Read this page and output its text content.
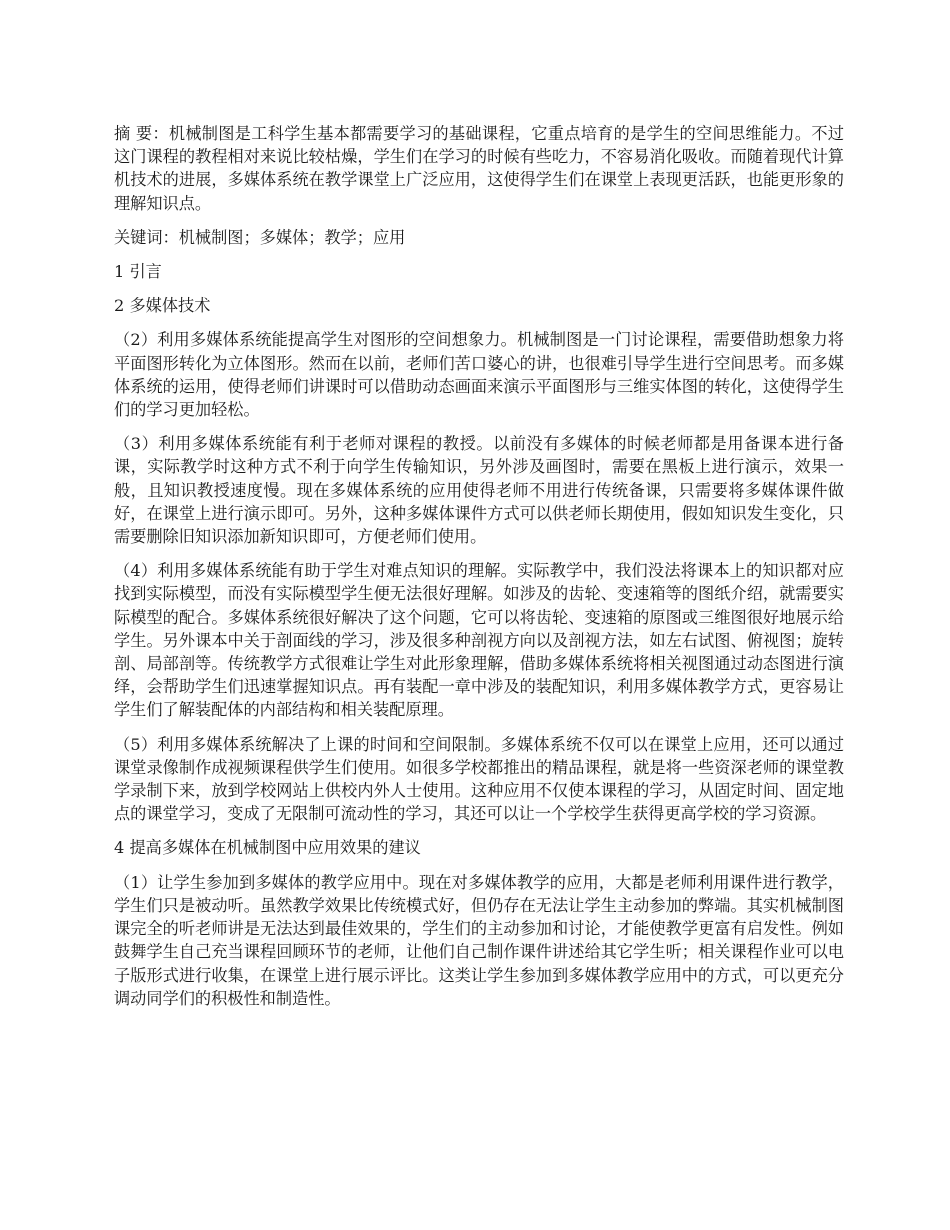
摘 要：机械制图是工科学生基本都需要学习的基础课程，它重点培育的是学生的空间思维能力。不过这门课程的教程相对来说比较枯燥，学生们在学习的时候有些吃力，不容易消化吸收。而随着现代计算机技术的进展，多媒体系统在教学课堂上广泛应用，这使得学生们在课堂上表现更活跃，也能更形象的理解知识点。

关键词：机械制图；多媒体；教学；应用

1 引言

2 多媒体技术

（2）利用多媒体系统能提高学生对图形的空间想象力。机械制图是一门讨论课程，需要借助想象力将平面图形转化为立体图形。然而在以前，老师们苦口婆心的讲，也很难引导学生进行空间思考。而多媒体系统的运用，使得老师们讲课时可以借助动态画面来演示平面图形与三维实体图的转化，这使得学生们的学习更加轻松。

（3）利用多媒体系统能有利于老师对课程的教授。以前没有多媒体的时候老师都是用备课本进行备课，实际教学时这种方式不利于向学生传输知识，另外涉及画图时，需要在黑板上进行演示，效果一般，且知识教授速度慢。现在多媒体系统的应用使得老师不用进行传统备课，只需要将多媒体课件做好，在课堂上进行演示即可。另外，这种多媒体课件方式可以供老师长期使用，假如知识发生变化，只需要删除旧知识添加新知识即可，方便老师们使用。

（4）利用多媒体系统能有助于学生对难点知识的理解。实际教学中，我们没法将课本上的知识都对应找到实际模型，而没有实际模型学生便无法很好理解。如涉及的齿轮、变速箱等的图纸介绍，就需要实际模型的配合。多媒体系统很好解决了这个问题，它可以将齿轮、变速箱的原图或三维图很好地展示给学生。另外课本中关于剖面线的学习，涉及很多种剖视方向以及剖视方法，如左右试图、俯视图；旋转剖、局部剖等。传统教学方式很难让学生对此形象理解，借助多媒体系统将相关视图通过动态图进行演绎，会帮助学生们迅速掌握知识点。再有装配一章中涉及的装配知识，利用多媒体教学方式，更容易让学生们了解装配体的内部结构和相关装配原理。

（5）利用多媒体系统解决了上课的时间和空间限制。多媒体系统不仅可以在课堂上应用，还可以通过课堂录像制作成视频课程供学生们使用。如很多学校都推出的精品课程，就是将一些资深老师的课堂教学录制下来，放到学校网站上供校内外人士使用。这种应用不仅使本课程的学习，从固定时间、固定地点的课堂学习，变成了无限制可流动性的学习，其还可以让一个学校学生获得更高学校的学习资源。

4 提高多媒体在机械制图中应用效果的建议

（1）让学生参加到多媒体的教学应用中。现在对多媒体教学的应用，大都是老师利用课件进行教学，学生们只是被动听。虽然教学效果比传统模式好，但仍存在无法让学生主动参加的弊端。其实机械制图课完全的听老师讲是无法达到最佳效果的，学生们的主动参加和讨论，才能使教学更富有启发性。例如鼓舞学生自己充当课程回顾环节的老师，让他们自己制作课件讲述给其它学生听；相关课程作业可以电子版形式进行收集，在课堂上进行展示评比。这类让学生参加到多媒体教学应用中的方式，可以更充分调动同学们的积极性和制造性。
